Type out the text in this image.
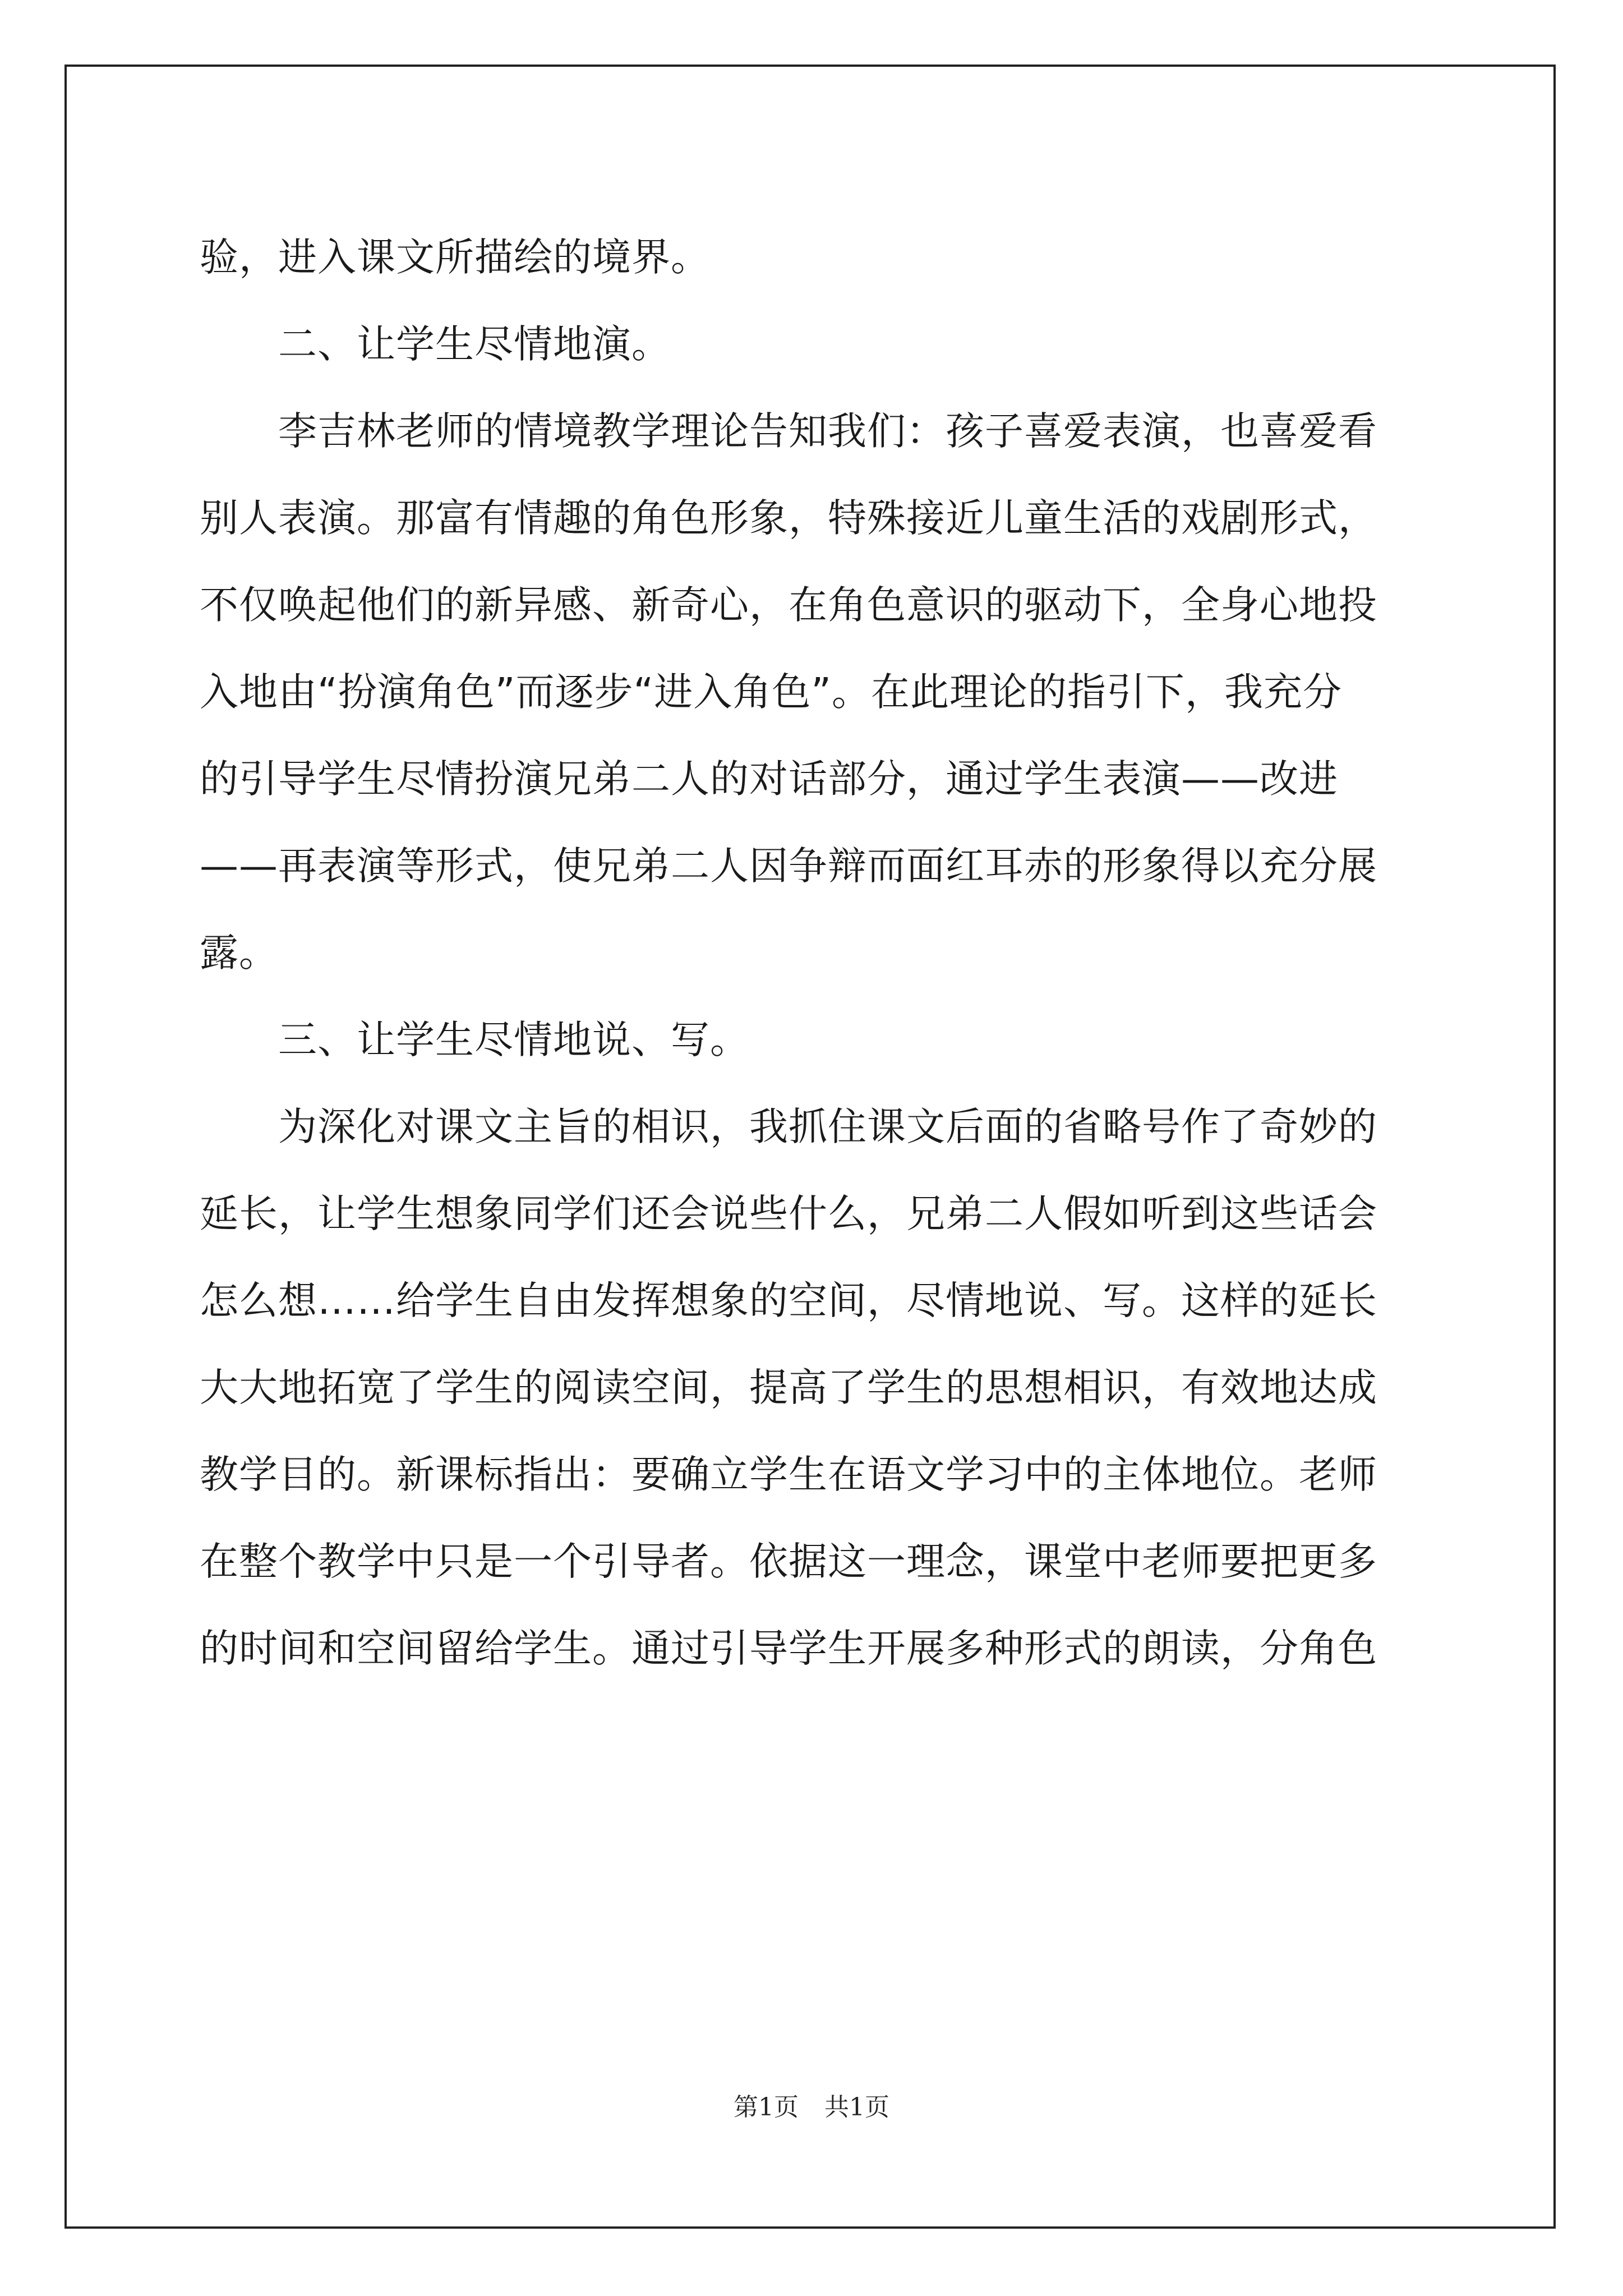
验，进入课文所描绘的境界。
二、让学生尽情地演。
李吉林老师的情境教学理论告知我们：孩子喜爱表演，也喜爱看
别人表演。那富有情趣的角色形象，特殊接近儿童生活的戏剧形式，
不仅唤起他们的新异感、新奇心，在角色意识的驱动下，全身心地投
入地由“扮演角色”而逐步“进入角色”。在此理论的指引下，我充分
的引导学生尽情扮演兄弟二人的对话部分，通过学生表演——改进
——再表演等形式，使兄弟二人因争辩而面红耳赤的形象得以充分展
露。
三、让学生尽情地说、写。
为深化对课文主旨的相识，我抓住课文后面的省略号作了奇妙的
延长，让学生想象同学们还会说些什么，兄弟二人假如听到这些话会
怎么想……给学生自由发挥想象的空间，尽情地说、写。这样的延长
大大地拓宽了学生的阅读空间，提高了学生的思想相识，有效地达成
教学目的。新课标指出：要确立学生在语文学习中的主体地位。老师
在整个教学中只是一个引导者。依据这一理念，课堂中老师要把更多
的时间和空间留给学生。通过引导学生开展多种形式的朗读，分角色
第1页 共1页
